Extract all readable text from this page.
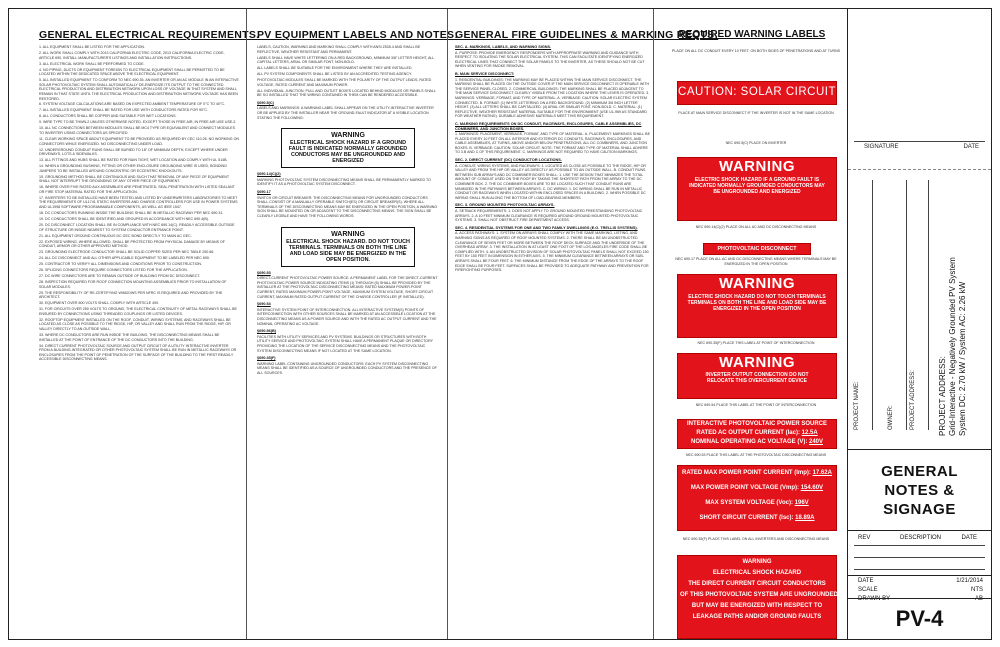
GENERAL ELECTRICAL REQUIREMENTS.

1. ALL EQUIPMENT SHALL BE LISTED FOR THE APPLICATION.

2. ALL WORK SHALL COMPLY WITH 2013 CALIFORNIA ELECTRIC CODE, 2013 CALIFORNIA ELECTRIC CODE, ARTICLE 690, INSTALL MANUFACTURER'S LISTINGS AND INSTALLATION INSTRUCTIONS.

3. ALL ELECTRICAL WORK SHALL BE PERFORMED TO CODE.

4. NO PIPING, DUCTS OR EQUIPMENT FOREIGN TO ELECTRICAL EQUIPMENT SHALL BE PERMITTED TO BE LOCATED WITHIN THE DEDICATED SPACE ABOVE THE ELECTRICAL EQUIPMENT.

5. ALL INSTALLED EQUIPMENT TO CONFORM TO NEC 690.35. AN INVERTER OR AN AC MODULE IN AN INTERACTIVE SOLAR PHOTOVOLTAIC SYSTEM SHALL AUTOMATICALLY DE-ENERGIZE ITS OUTPUT TO THE CONNECTED ELECTRICAL PRODUCTION AND DISTRIBUTION NETWORK UPON LOSS OF VOLTAGE IN THAT SYSTEM AND SHALL REMAIN IN THAT STATE UNTIL THE ELECTRICAL PRODUCTION AND DISTRIBUTION NETWORK VOLTAGE HAS BEEN RESTORED.

6. SYSTEM VOLTAGE CALCULATIONS ARE BASED ON EXPECTED AMBIENT TEMPERATURE OF 0°C TO 40°C.

7. ALL INSTALLED EQUIPMENT SHALL BE RATED FOR USE WITH CONDUCTORS RATED FOR 90°C.

8. ALL CONDUCTORS SHALL BE COPPER AND SUITABLE FOR WET LOCATIONS.

9. WIRE TYPE TO BE THWN-2 UNLESS OTHERWISE NOTED. EXCEPT THOSE IN FREE AIR, IN FREE AIR USE USE-2.

10. ALL NC CONNECTIONS BETWEEN MODULES SHALL BE MC4 TYPE OR EQUIVALENT AND CONNECT MODULES TO INVERTER USING CONNECTORS AS SPECIFIED.

11. CLEAR WORKING SPACE ABOUT EQUIPMENT TO BE PROVIDED AS REQUIRED BY CEC 110.26. NO WORKING ON CONNECTORS WHILE ENERGIZED. NO DISCONNECTING UNDER LOAD.

12. UNDERGROUND CONDUIT RUNS SHALL BE BURIED TO 18" OF MINIMUM DEPTH, EXCEPT WHERE UNDER DRIVEWAYS, LOTS & SIDEWALKS.

13. ALL FITTINGS AND HUBS SHALL BE RATED FOR RAIN TIGHT, WET LOCATION AND COMPLY WITH UL 514B.

14. WHEN A GROUNDING BUSHING, FITTING OR OTHER ENCLOSURE GROUNDING WIRE IS USED, BONDING JUMPERS TO BE INSTALLED AROUND CONCENTRIC OR ECCENTRIC KNOCKOUTS.

15. GROUNDING METHOD SHALL BE CONTINUOUS AND SUCH THAT REMOVAL OF ANY PIECE OF EQUIPMENT SHALL NOT INTERRUPT THE GROUNDING OF ANY OTHER PIECE OF EQUIPMENT.

16. WHERE OVER FIVE RATED AUX ASSEMBLIES ARE PENETRATED, SEAL PENETRATION WITH LISTED SEALANT OR FIRE STOP MATERIAL RATED FOR THE APPLICATION.

17. INVERTERS TO BE INSTALLED HAVE BEEN TESTED AND LISTED BY UNDERWRITERS LABORATORIES TO MEET THE REQUIREMENTS OF UL1741 STATIC INVERTERS AND CHARGE CONTROLLERS FOR USE IN POWER SYSTEMS AND UL1998 SOFTWARE PROGRAMMABLE COMPONENTS, AS WELL AS IEEE 1547.

18. DC CONDUCTORS RUNNING INSIDE THE BUILDING SHALL BE IN METALLIC RACEWAY PER NEC 690.31.

19. DC CONDUCTORS SHALL BE IDENTIFIED AND GROUPED IN ACCORDANCE WITH NEC 690.4(B).

20. DC DISCONNECT LOCATION SHALL BE IN COMPLIANCE WITH NEC 690.14(C). READILY ACCESSIBLE OUTSIDE OF STRUCTURE OR INSIDE NEAREST TO SYSTEM CONDUCTOR ENTRANCE POINT.

21. ALL EQUIPMENT GROUND CONTINUOUS DC GEC BOND DIRECTLY TO MAIN AC GEC.

22. EXPOSED WIRING, WHERE ALLOWED, SHALL BE PROTECTED FROM PHYSICAL DAMAGE BY MEANS OF CONDUIT, ARMOR OR OTHER APPROVED METHOD.

23. GROUNDING ELECTRODE CONDUCTOR SHALL BE SOLID COPPER SIZED PER NEC TABLE 250.66.

24. ALL DC DISCONNECT AND ALL OTHER APPLICABLE EQUIPMENT TO BE LABELED PER NEC 690.

25. CONTRACTOR TO VERIFY ALL DIMENSIONS AND CONDITIONS PRIOR TO CONSTRUCTION.

26. SPLICING CONNECTORS REQUIRE CONNECTORS LISTED FOR THE APPLICATION.

27. DC WIRE CONNECTORS ARE TO REMAIN OUTSIDE OF BUILDING FROM DC DISCONNECT.

28. INSPECTION REQUIRED FOR ROOF CONNECTION MOUNTING ASSEMBLIES PRIOR TO INSTALLATION OF SOLAR MODULES.

29. THE RESPONSIBILITY OF RE-CERTIFYING WINDOWS PER NFRC IS REQUIRED AND PROVIDED BY THE ARCHITECT.

30. EQUIPMENT OVER 600 VOLTS SHALL COMPLY WITH ARTICLE 490.

31. FOR CIRCUITS OVER 250 VOLTS TO GROUND, THE ELECTRICAL CONTINUITY OF METAL RACEWAYS SHALL BE ENSURED BY CONNECTIONS USING THREADED COUPLINGS OR LISTED DEVICES.

32. ROOFTOP EQUIPMENT INSTALLED ON THE ROOF, CONDUIT, WIRING SYSTEMS, AND RACEWAYS SHALL BE LOCATED AS CLOSE AS POSSIBLE TO THE RIDGE, HIP, OR VALLEY AND SHALL RUN FROM THE RIDGE, HIP, OR VALLEY DIRECTLY TO AN OUTSIDE WALL.

33. WHERE DC CONDUCTORS ARE RUN INSIDE THE BUILDING, THE DISCONNECTING MEANS SHALL BE INSTALLED AT THE POINT OF ENTRANCE OF THE DC CONDUCTORS INTO THE BUILDING.

34. DIRECT CURRENT PHOTOVOLTAIC SOURCE AND OUTPUT CIRCUIT OF A UTILITY INTERACTIVE INVERTER FROM A BUILDING-INTEGRATED OR OTHER PHOTOVOLTAIC SYSTEM SHALL BE RUN IN METALLIC RACEWAYS OR ENCLOSURES FROM THE POINT OF PENETRATION OF THE SURFACE OF THE BUILDING TO THE FIRST READILY ACCESSIBLE DISCONNECTING MEANS.

PV EQUIPMENT LABELS AND NOTES:

LABELS, CAUTION, WARNING AND MARKING SHALL COMPLY WITH ANSI Z535.4 AND SHALL BE REFLECTIVE, WEATHER RESISTANT AND PERMANENT.

LABELS SHALL HAVE WHITE LETTERING ON A RED BACKGROUND, MINIMUM 3/8" LETTER HEIGHT, ALL CAPITAL LETTERS, ARIAL OR SIMILAR FONT, NON-BOLD.

ALL LABELS SHALL BE SUITABLE FOR THE ENVIRONMENT WHERE THEY ARE INSTALLED.

ALL PV SYSTEM COMPONENTS SHALL BE LISTED BY AN ACCREDITED TESTING AGENCY.

PHOTOVOLTAIC MODULES SHALL BE MARKED WITH THE POLARITY OF THE OUTPUT LEADS, RATED VOLTAGE, RATED CURRENT AND MAXIMUM POWER.

ALL INDIVIDUAL JUNCTION, PULL AND OUTLET BOXES LOCATED BEHIND MODULES OR PANELS SHALL BE SO INSTALLED THAT THE WIRING CONTAINED IN THEM CAN BE RENDERED ACCESSIBLE.

§690.5(C)

LABELS AND MARKINGS: A WARNING LABEL SHALL APPEAR ON THE UTILITY-INTERACTIVE INVERTER OR BE APPLIED BY THE INSTALLER NEAR THE GROUND-FAULT INDICATOR AT A VISIBLE LOCATION STATING THE FOLLOWING:

WARNING
ELECTRICAL SHOCK HAZARD IF A GROUND FAULT IS INDICATED NORMALLY GROUNDED CONDUCTORS MAY BE UNGROUNDED AND ENERGIZED
§690.14(C)(2)

MARKING PHOTOVOLTAIC SYSTEM DISCONNECTING MEANS SHALL BE PERMANENTLY MARKED TO IDENTIFY IT AS A PHOTOVOLTAIC SYSTEM DISCONNECT.

§690.17

SWITCH OR CIRCUIT BREAKER: THE DISCONNECTING MEANS FOR UNGROUNDED CONDUCTORS SHALL CONSIST OF A MANUALLY OPERABLE SWITCH(ES) OR CIRCUIT BREAKER(S). WHERE ALL TERMINALS OF THE DISCONNECTING MEANS MAY BE ENERGIZED IN THE OPEN POSITION, A WARNING SIGN SHALL BE MOUNTED ON OR ADJACENT TO THE DISCONNECTING MEANS. THE SIGN SHALL BE CLEARLY LEGIBLE AND HAVE THE FOLLOWING WORDS:

WARNING
ELECTRICAL SHOCK HAZARD. DO NOT TOUCH TERMINALS. TERMINALS ON BOTH THE LINE AND LOAD SIDE MAY BE ENERGIZED IN THE OPEN POSITION.
§690.53

DIRECT-CURRENT PHOTOVOLTAIC POWER SOURCE. A PERMANENT LABEL FOR THE DIRECT-CURRENT PHOTOVOLTAIC POWER SOURCE INDICATING ITEMS (1) THROUGH (5) SHALL BE PROVIDED BY THE INSTALLER AT THE PHOTOVOLTAIC DISCONNECTING MEANS: RATED MAXIMUM POWER-POINT CURRENT, RATED MAXIMUM POWER-POINT VOLTAGE, MAXIMUM SYSTEM VOLTAGE, SHORT-CIRCUIT CURRENT, MAXIMUM RATED OUTPUT CURRENT OF THE CHARGE CONTROLLER (IF INSTALLED).

§690.54

INTERACTIVE SYSTEM POINT OF INTERCONNECTION. ALL INTERACTIVE SYSTEM(S) POINTS OF INTERCONNECTION WITH OTHER SOURCES SHALL BE MARKED AT AN ACCESSIBLE LOCATION AT THE DISCONNECTING MEANS AS A POWER SOURCE AND WITH THE RATED AC OUTPUT CURRENT AND THE NOMINAL OPERATING AC VOLTAGE.

§690.56(B)

FACILITIES WITH UTILITY SERVICES AND PV SYSTEMS. BUILDINGS OR STRUCTURES WITH BOTH UTILITY SERVICE AND PHOTOVOLTAIC SYSTEM SHALL HAVE A PERMANENT PLAQUE OR DIRECTORY PROVIDING THE LOCATION OF THE SERVICE DISCONNECTING MEANS AND THE PHOTOVOLTAIC SYSTEM DISCONNECTING MEANS IF NOT LOCATED AT THE SAME LOCATION.

§690.35(F)

WARNING LABEL CONTAINING UNGROUNDED CONDUCTORS: EACH PV SYSTEM DISCONNECTING MEANS SHALL BE IDENTIFIED AS A SOURCE OF UNGROUNDED CONDUCTORS AND THE PRESENCE OF ALL SOURCES.

GENERAL FIRE GUIDELINES & MARKING REQTS:
SEC. A. MARKINGS, LABELS, AND WARNING SIGNS.

A. PURPOSE: PROVIDE EMERGENCY RESPONDERS WITH APPROPRIATE WARNING AND GUIDANCE WITH RESPECT TO ISOLATING THE SOLAR ELECTRICAL SYSTEM. THIS CAN FACILITATE IDENTIFYING ENERGIZED ELECTRICAL LINES THAT CONNECT THE SOLAR PANELS TO THE INVERTER, AS THESE SHOULD NOT BE CUT WHEN VENTING FOR SMOKE REMOVAL.

B. MAIN SERVICE DISCONNECT:

1. RESIDENTIAL BUILDINGS: THE MARKING MAY BE PLACED WITHIN THE MAIN SERVICE DISCONNECT. THE MARKING SHALL BE PLACED ON THE OUTSIDE COVER IF THE MAIN SERVICE DISCONNECT IS OPERABLE WITH THE SERVICE PANEL CLOSED. 2. COMMERCIAL BUILDINGS: THE MARKING SHALL BE PLACED ADJACENT TO THE MAIN SERVICE DISCONNECT CLEARLY VISIBLE FROM THE LOCATION WHERE THE LEVER IS OPERATED. 3. MARKINGS: VERBIAGE, FORMAT, AND TYPE OF MATERIAL. A. VERBIAGE: CAUTION: SOLAR ELECTRIC SYSTEM CONNECTED. B. FORMAT: (1) WHITE LETTERING ON A RED BACKGROUND. (2) MINIMUM 3/8 INCH LETTER HEIGHT. (3) ALL LETTERS SHALL BE CAPITALIZED. (4) ARIAL OR SIMILAR FONT, NON-BOLD. C. MATERIAL: (1) REFLECTIVE, WEATHER RESISTANT MATERIAL SUITABLE FOR THE ENVIRONMENT (USE UL-969 AS STANDARD FOR WEATHER RATING). DURABLE ADHESIVE MATERIALS MEET THIS REQUIREMENT.

C. MARKING REQUIREMENTS ON DC CONDUIT, RACEWAYS, ENCLOSURES, CABLE ASSEMBLIES, DC COMBINERS, AND JUNCTION BOXES.

1. MARKINGS: PLACEMENT, VERBIAGE, FORMAT, AND TYPE OF MATERIAL. A. PLACEMENT: MARKINGS SHALL BE PLACED EVERY 10 FEET ON ALL INTERIOR AND EXTERIOR DC CONDUITS, RACEWAYS, ENCLOSURES, AND CABLE ASSEMBLIES, AT TURNS, ABOVE AND/OR BELOW PENETRATIONS, ALL DC COMBINERS, AND JUNCTION BOXES. B. VERBIAGE: CAUTION: SOLAR CIRCUIT. NOTE: THE FORMAT AND TYPE OF MATERIAL SHALL ADHERE TO 3.B AND C OF THIS REQUIREMENT. C. MARKINGS ARE NOT REQUIRED TO HAVE CAUTION MARKINGS.

SEC. 2. DIRECT CURRENT (DC) CONDUCTOR LOCATIONS.

A. CONDUIT, WIRING SYSTEMS, AND RACEWAYS: 1. LOCATED AS CLOSE AS POSSIBLE TO THE RIDGE, HIP OR VALLEY AND FROM THE HIP OR VALLEY AS DIRECTLY AS POSSIBLE TO AN OUTSIDE WALL. B. CONDUIT RUNS BETWEEN SUB ARRAYS AND DC COMBINER BOXES SHALL: 1. USE THE DESIGN THAT MINIMIZES THE TOTAL AMOUNT OF CONDUIT USED ON THE ROOF BY TAKING THE SHORTEST PATH FROM THE ARRAY TO THE DC COMBINER BOX. 2. THE DC COMBINER BOXES ARE TO BE LOCATED SUCH THAT CONDUIT RUNS ARE MINIMIZED IN THE PATHWAYS BETWEEN ARRAYS. C. DC WIRING: 1. DC WIRING SHALL BE RUN IN METALLIC CONDUIT OR RACEWAYS WHEN LOCATED WITHIN ENCLOSED SPACES IN A BUILDING. 2. WHEN POSSIBLE DC WIRING SHALL RUN ALONG THE BOTTOM OF LOAD-BEARING MEMBERS.

SEC. 3. GROUND MOUNTED PHOTOVOLTAIC ARRAYS.

A. SETBACK REQUIREMENTS: 1. DOES NOT APPLY TO GROUND MOUNTED FREESTANDING PHOTOVOLTAIC ARRAYS. 2. A 10 FEET MINIMUM CLEARANCE IS REQUIRED AROUND GROUND MOUNTED PHOTOVOLTAIC SYSTEMS. 3. SHALL NOT OBSTRUCT FIRE DEPARTMENT ACCESS.

SEC. 4. RESIDENTIAL SYSTEMS FOR ONE AND TWO FAMILY DWELLINGS (E.G. TRELLIS SYSTEMS).

A. ACCESS PATHWAYS: 1. SYSTEM ON ARRAYS SHALL COMPLY WITH THE SAME MARKING, LISTING, AND WARNING SIGNS AS REQUIRED OF ROOF MOUNTED SYSTEMS. 2. THERE SHALL BE AN UNOBSTRUCTED CLEARANCE OF SEVEN FEET OR MORE BETWEEN THE ROOF DECK SURFACE AND THE UNDERSIDE OF THE OVERHEAD ARRAY. 3. THE INSTALLATION IN AT LEAST ONE FOOT OF THE LOS ANGELES FIRE CODE SHALL BE COMPLIED WITH. 4. AN UNOBSTRUCTED DIVISION OF SOLAR PHOTOVOLTAIC PANELS SHALL NOT EXCEED 150 FEET BY 150 FEET IN DIMENSION IN EITHER AXIS. 5. THE MINIMUM CLEARANCE BETWEEN ARRAYS OR SUB-ARRAYS SHALL BE FOUR FEET. 6. THE MINIMUM DISTANCE FROM THE EDGE OF THE ARRAYS TO THE ROOF EDGE SHALL BE FOUR FEET. SURFACES SHALL BE PROVIDED TO ADEQUATE PATHWAY AND PREVENTION FOR FIREFIGHTING PURPOSES.

REQUIRED WARNING LABELS
PLACE ON ALL DC CONDUIT EVERY 10 FEET, ON BOTH SIDES OF PENETRATIONS AND AT TURNS
CAUTION: SOLAR CIRCUIT
PLACE AT MAIN SERVICE DISCONNECT IF THE INVERTER IS NOT IN THE SAME LOCATION
NEC 690.5(C) PLACE ON INVERTER
WARNING
ELECTRIC SHOCK HAZARD IF A GROUND FAULT IS INDICATED NORMALLY GROUNDED CONDUCTORS MAY BE UNGROUNDED AND ENERGIZED
NEC 690.14(C)(2) PLACE ON ALL AC AND DC DISCONNECTING MEANS
PHOTOVOLTAIC DISCONNECT
NEC 690.17 PLACE ON ALL AC AND DC DISCONNECTING MEANS WHERE TERMINALS MAY BE ENERGIZED IN THE OPEN POSITION
WARNING
ELECTRIC SHOCK HAZARD DO NOT TOUCH TERMINALS TERMINALS ON BOTH THE LINE AND LOAD SIDE MAY BE ENERGIZED IN THE OPEN POSITION
NEC 690.35(F) PLACE THIS LABEL AT POINT OF INTERCONNECTION
WARNING
INVERTER OUTPUT CONNECTION DO NOT RELOCATE THIS OVERCURRENT DEVICE
NEC 690.54 PLACE THIS LABEL AT THE POINT OF INTERCONNECTION
INTERACTIVE PHOTOVOLTAIC POWER SOURCE
RATED AC OUTPUT CURRENT (Iac): 12.5A
NOMINAL OPERATING AC VOLTAGE (V): 240V
NEC 690.53 PLACE THIS LABEL AT THE PHOTOVOLTAIC DISCONNECTING MEANS
RATED MAX POWER POINT CURRENT (Imp): 17.62A
MAX POWER POINT VOLTAGE (Vmp): 154.60V
MAX SYSTEM VOLTAGE (Voc): 196V
SHORT CIRCUIT CURRENT (Isc): 18.89A
NEC 690.35(F) PLACE THIS LABEL ON ALL INVERTERS AND DISCONNECTING MEANS
WARNING
ELECTRICAL SHOCK HAZARD
THE DIRECT CURRENT CIRCUIT CONDUCTORS
OF THIS PHOTOVOLTAIC SYSTEM ARE UNGROUNDED,
BUT MAY BE ENERGIZED WITH RESPECT TO
LEAKAGE PATHS AND/OR GROUND FAULTS
SIGNATURE	DATE
PROJECT NAME:	OWNER:	PROJECT ADDRESS:	PROJECT ADDRESS: Grid-Interactive - Negatively Grounded PV System System DC: 2.70 kW / System AC: 2.26 kW
GENERAL
NOTES &
SIGNAGE
REV	DESCRIPTION	DATE
DATE	1/21/2014
SCALE	NTS
DRAWN BY	AB
PV-4
